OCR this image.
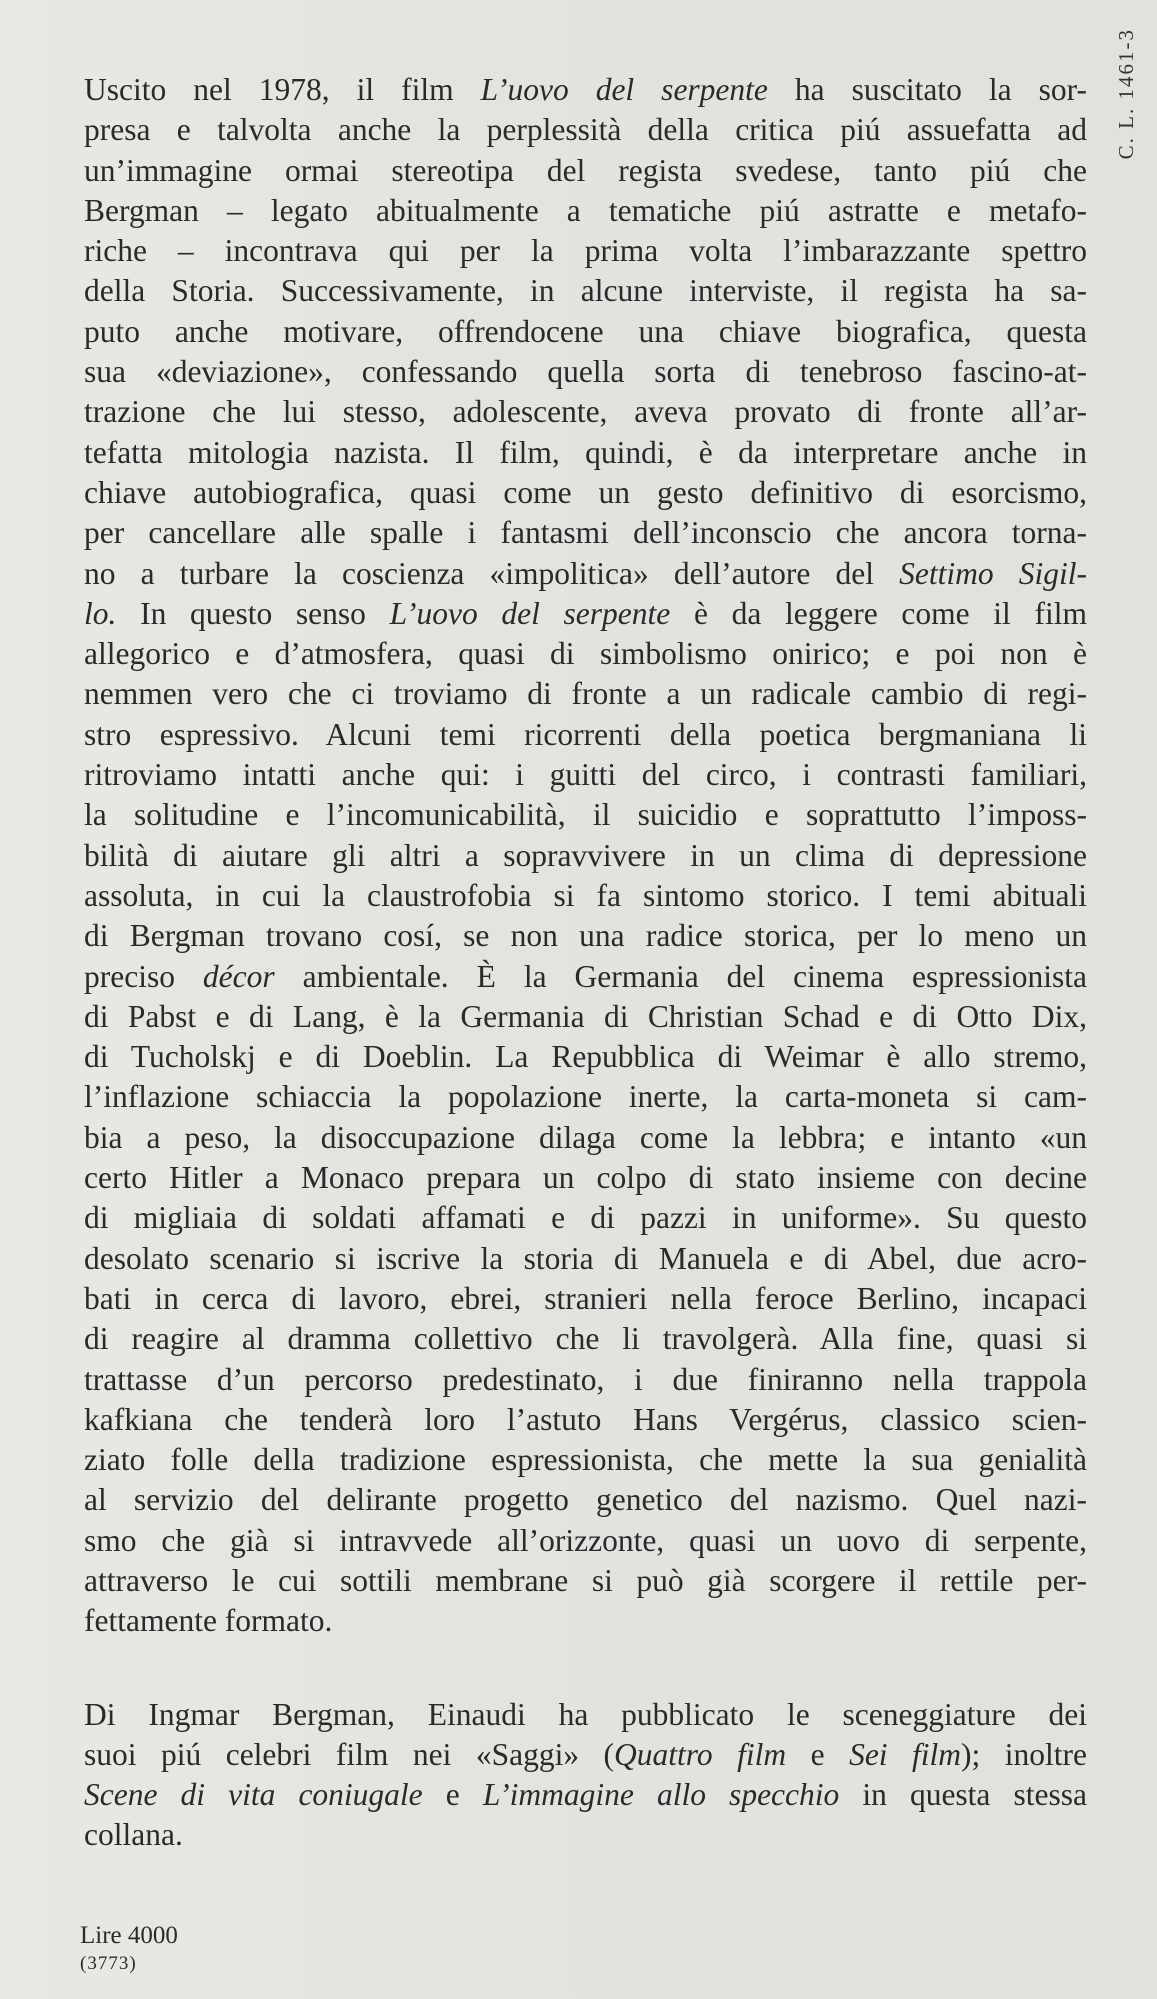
C. L. 1461-3
Uscito nel 1978, il film L’uovo del serpente ha suscitato la sor-
presa e talvolta anche la perplessità della critica piú assuefatta ad
un’immagine ormai stereotipa del regista svedese, tanto piú che
Bergman – legato abitualmente a tematiche piú astratte e metafo-
riche – incontrava qui per la prima volta l’imbarazzante spettro
della Storia. Successivamente, in alcune interviste, il regista ha sa-
puto anche motivare, offrendocene una chiave biografica, questa
sua «deviazione», confessando quella sorta di tenebroso fascino-at-
trazione che lui stesso, adolescente, aveva provato di fronte all’ar-
tefatta mitologia nazista. Il film, quindi, è da interpretare anche in
chiave autobiografica, quasi come un gesto definitivo di esorcismo,
per cancellare alle spalle i fantasmi dell’inconscio che ancora torna-
no a turbare la coscienza «impolitica» dell’autore del Settimo Sigil-
lo. In questo senso L’uovo del serpente è da leggere come il film
allegorico e d’atmosfera, quasi di simbolismo onirico; e poi non è
nemmen vero che ci troviamo di fronte a un radicale cambio di regi-
stro espressivo. Alcuni temi ricorrenti della poetica bergmaniana li
ritroviamo intatti anche qui: i guitti del circo, i contrasti familiari,
la solitudine e l’incomunicabilità, il suicidio e soprattutto l’imposs-
bilità di aiutare gli altri a sopravvivere in un clima di depressione
assoluta, in cui la claustrofobia si fa sintomo storico. I temi abituali
di Bergman trovano cosí, se non una radice storica, per lo meno un
preciso décor ambientale. È la Germania del cinema espressionista
di Pabst e di Lang, è la Germania di Christian Schad e di Otto Dix,
di Tucholskj e di Doeblin. La Repubblica di Weimar è allo stremo,
l’inflazione schiaccia la popolazione inerte, la carta-moneta si cam-
bia a peso, la disoccupazione dilaga come la lebbra; e intanto «un
certo Hitler a Monaco prepara un colpo di stato insieme con decine
di migliaia di soldati affamati e di pazzi in uniforme». Su questo
desolato scenario si iscrive la storia di Manuela e di Abel, due acro-
bati in cerca di lavoro, ebrei, stranieri nella feroce Berlino, incapaci
di reagire al dramma collettivo che li travolgerà. Alla fine, quasi si
trattasse d’un percorso predestinato, i due finiranno nella trappola
kafkiana che tenderà loro l’astuto Hans Vergérus, classico scien-
ziato folle della tradizione espressionista, che mette la sua genialità
al servizio del delirante progetto genetico del nazismo. Quel nazi-
smo che già si intravvede all’orizzonte, quasi un uovo di serpente,
attraverso le cui sottili membrane si può già scorgere il rettile per-
fettamente formato.
Di Ingmar Bergman, Einaudi ha pubblicato le sceneggiature dei
suoi piú celebri film nei «Saggi» (Quattro film e Sei film); inoltre
Scene di vita coniugale e L’immagine allo specchio in questa stessa
collana.
Lire 4000
(3773)
